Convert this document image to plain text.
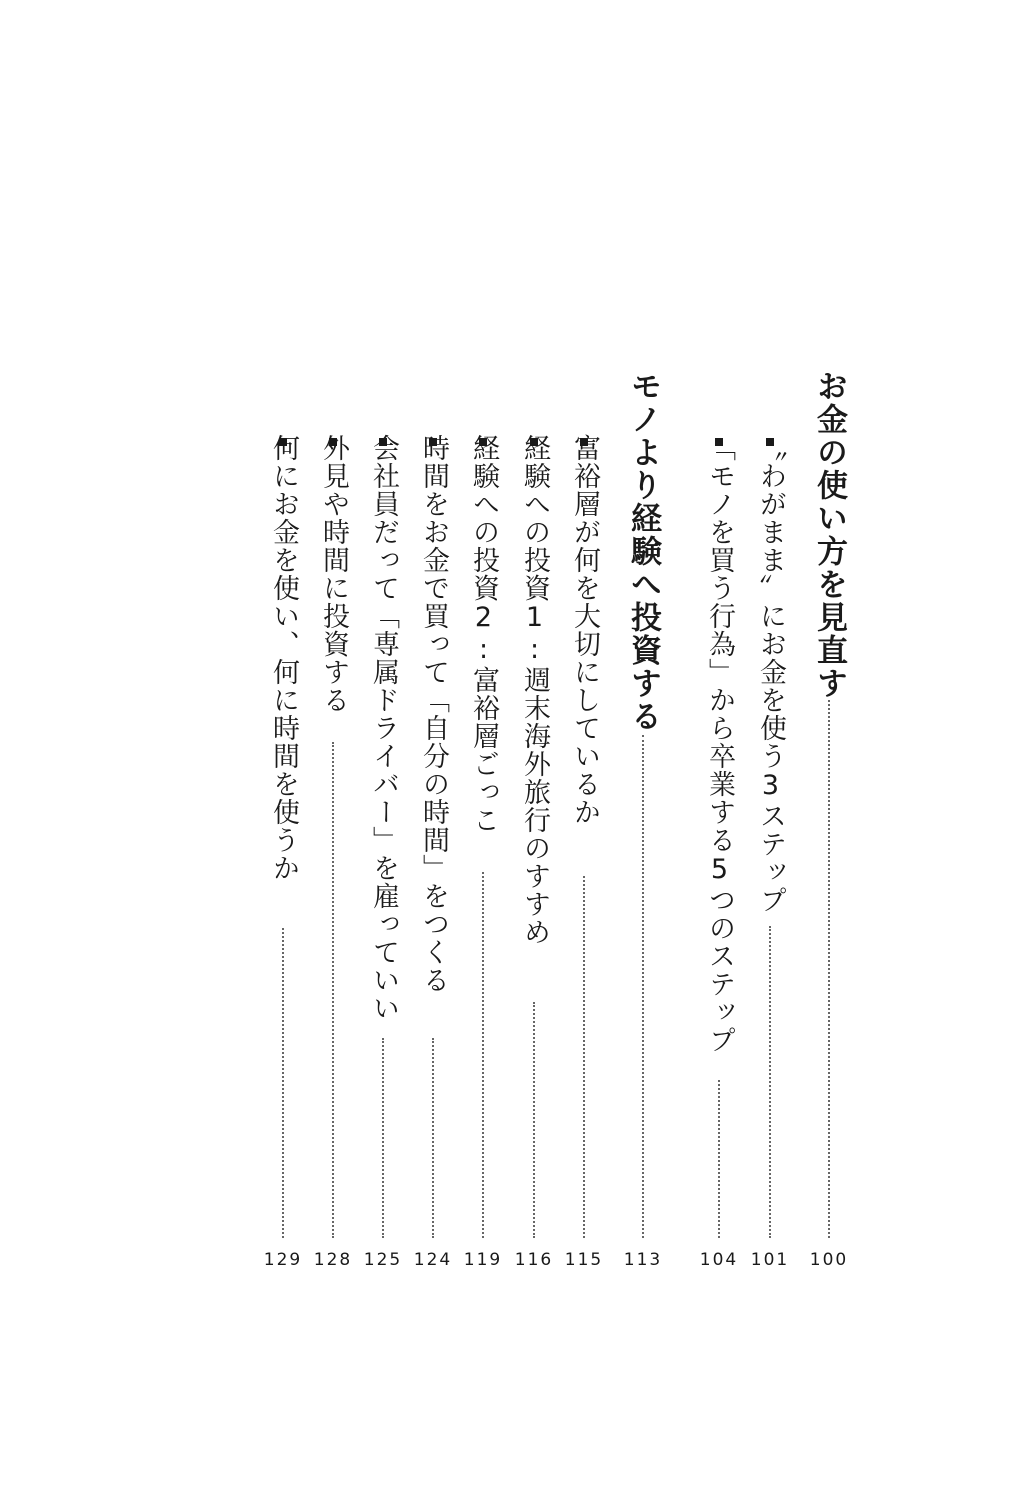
お金の使い方を見直す
100
〝わがまま〟にお金を使う3ステップ
101
「モノを買う行為」から卒業する5つのステップ
104
モノより経験へ投資する
113
富裕層が何を大切にしているか
115
経験への投資1:週末海外旅行のすすめ
116
経験への投資2:富裕層ごっこ
119
時間をお金で買って「自分の時間」をつくる
124
会社員だって「専属ドライバー」を雇っていい
125
外見や時間に投資する
128
何にお金を使い、何に時間を使うか
129
